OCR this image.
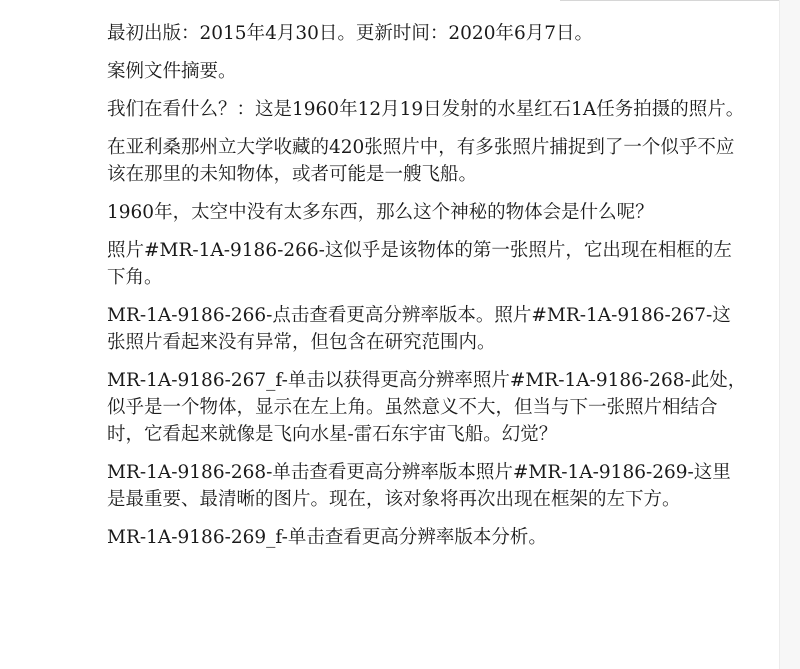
最初出版：2015年4月30日。更新时间：2020年6月7日。

案例文件摘要。

我们在看什么？：这是1960年12月19日发射的水星红石1A任务拍摄的照片。

在亚利桑那州立大学收藏的420张照片中，有多张照片捕捉到了一个似乎不应该在那里的未知物体，或者可能是一艘飞船。

1960年，太空中没有太多东西，那么这个神秘的物体会是什么呢？

照片#MR-1A-9186-266-这似乎是该物体的第一张照片，它出现在相框的左下角。

MR-1A-9186-266-点击查看更高分辨率版本。照片#MR-1A-9186-267-这张照片看起来没有异常，但包含在研究范围内。

MR-1A-9186-267_f-单击以获得更高分辨率照片#MR-1A-9186-268-此处，似乎是一个物体，显示在左上角。虽然意义不大，但当与下一张照片相结合时，它看起来就像是飞向水星-雷石东宇宙飞船。幻觉？

MR-1A-9186-268-单击查看更高分辨率版本照片#MR-1A-9186-269-这里是最重要、最清晰的图片。现在，该对象将再次出现在框架的左下方。

MR-1A-9186-269_f-单击查看更高分辨率版本分析。
